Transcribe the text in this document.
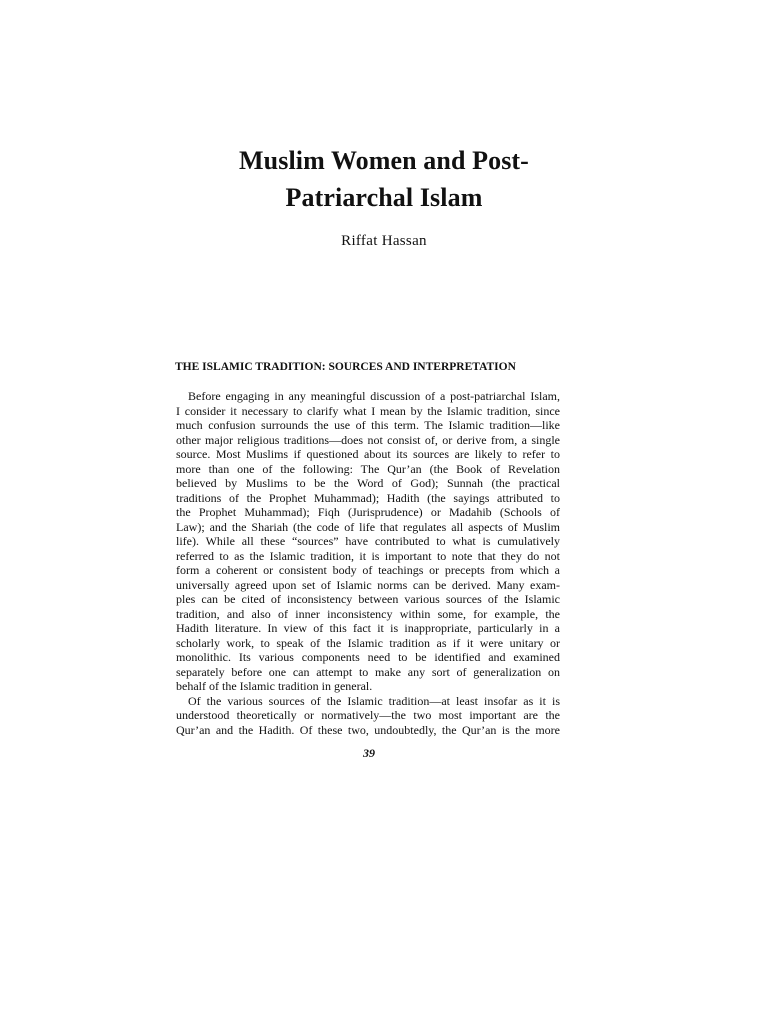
Muslim Women and Post-
Patriarchal Islam
Riffat Hassan
THE ISLAMIC TRADITION: SOURCES AND INTERPRETATION
Before engaging in any meaningful discussion of a post-patriarchal Islam,
I consider it necessary to clarify what I mean by the Islamic tradition, since
much confusion surrounds the use of this term. The Islamic tradition—like
other major religious traditions—does not consist of, or derive from, a single
source. Most Muslims if questioned about its sources are likely to refer to
more than one of the following: The Qur’an (the Book of Revelation
believed by Muslims to be the Word of God); Sunnah (the practical
traditions of the Prophet Muhammad); Hadith (the sayings attributed to
the Prophet Muhammad); Fiqh (Jurisprudence) or Madahib (Schools of
Law); and the Shariah (the code of life that regulates all aspects of Muslim
life). While all these “sources” have contributed to what is cumulatively
referred to as the Islamic tradition, it is important to note that they do not
form a coherent or consistent body of teachings or precepts from which a
universally agreed upon set of Islamic norms can be derived. Many exam-
ples can be cited of inconsistency between various sources of the Islamic
tradition, and also of inner inconsistency within some, for example, the
Hadith literature. In view of this fact it is inappropriate, particularly in a
scholarly work, to speak of the Islamic tradition as if it were unitary or
monolithic. Its various components need to be identified and examined
separately before one can attempt to make any sort of generalization on
behalf of the Islamic tradition in general.
Of the various sources of the Islamic tradition—at least insofar as it is
understood theoretically or normatively—the two most important are the
Qur’an and the Hadith. Of these two, undoubtedly, the Qur’an is the more
39
